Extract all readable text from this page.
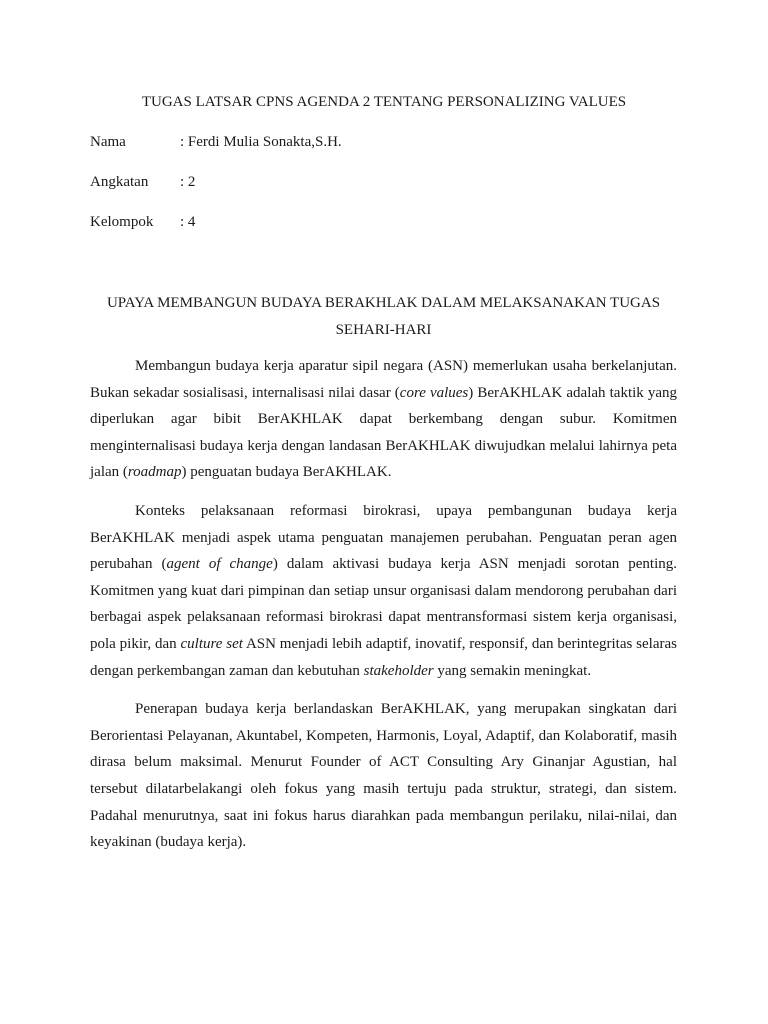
TUGAS LATSAR CPNS AGENDA 2 TENTANG PERSONALIZING VALUES

Nama	: Ferdi Mulia Sonakta,S.H.
Angkatan : 2
Kelompok : 4

UPAYA MEMBANGUN BUDAYA BERAKHLAK DALAM MELAKSANAKAN TUGAS SEHARI-HARI

Membangun budaya kerja aparatur sipil negara (ASN) memerlukan usaha berkelanjutan. Bukan sekadar sosialisasi, internalisasi nilai dasar (core values) BerAKHLAK adalah taktik yang diperlukan agar bibit BerAKHLAK dapat berkembang dengan subur. Komitmen menginternalisasi budaya kerja dengan landasan BerAKHLAK diwujudkan melalui lahirnya peta jalan (roadmap) penguatan budaya BerAKHLAK.

Konteks pelaksanaan reformasi birokrasi, upaya pembangunan budaya kerja BerAKHLAK menjadi aspek utama penguatan manajemen perubahan. Penguatan peran agen perubahan (agent of change) dalam aktivasi budaya kerja ASN menjadi sorotan penting. Komitmen yang kuat dari pimpinan dan setiap unsur organisasi dalam mendorong perubahan dari berbagai aspek pelaksanaan reformasi birokrasi dapat mentransformasi sistem kerja organisasi, pola pikir, dan culture set ASN menjadi lebih adaptif, inovatif, responsif, dan berintegritas selaras dengan perkembangan zaman dan kebutuhan stakeholder yang semakin meningkat.

Penerapan budaya kerja berlandaskan BerAKHLAK, yang merupakan singkatan dari Berorientasi Pelayanan, Akuntabel, Kompeten, Harmonis, Loyal, Adaptif, dan Kolaboratif, masih dirasa belum maksimal. Menurut Founder of ACT Consulting Ary Ginanjar Agustian, hal tersebut dilatarbelakangi oleh fokus yang masih tertuju pada struktur, strategi, dan sistem. Padahal menurutnya, saat ini fokus harus diarahkan pada membangun perilaku, nilai-nilai, dan keyakinan (budaya kerja).
